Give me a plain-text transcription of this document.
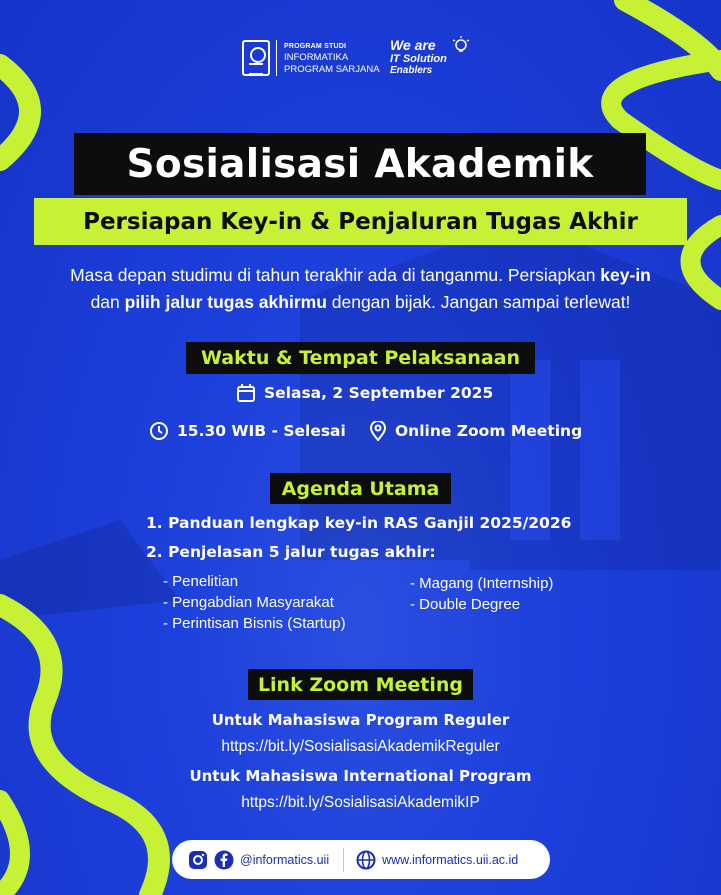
PROGRAM STUDI
INFORMATIKA
PROGRAM SARJANA
We are
IT Solution
Enablers
Sosialisasi Akademik
Persiapan Key-in & Penjaluran Tugas Akhir
Masa depan studimu di tahun terakhir ada di tanganmu. Persiapkan key-in
dan pilih jalur tugas akhirmu dengan bijak. Jangan sampai terlewat!
Waktu & Tempat Pelaksanaan
Selasa, 2 September 2025
15.30 WIB - Selesai	Online Zoom Meeting
Agenda Utama
1. Panduan lengkap key-in RAS Ganjil 2025/2026
2. Penjelasan 5 jalur tugas akhir:
- Penelitian
- Pengabdian Masyarakat
- Perintisan Bisnis (Startup)
- Magang (Internship)
- Double Degree
Link Zoom Meeting
Untuk Mahasiswa Program Reguler
https://bit.ly/SosialisasiAkademikReguler
Untuk Mahasiswa International Program
https://bit.ly/SosialisasiAkademikIP
@informatics.uii	www.informatics.uii.ac.id
